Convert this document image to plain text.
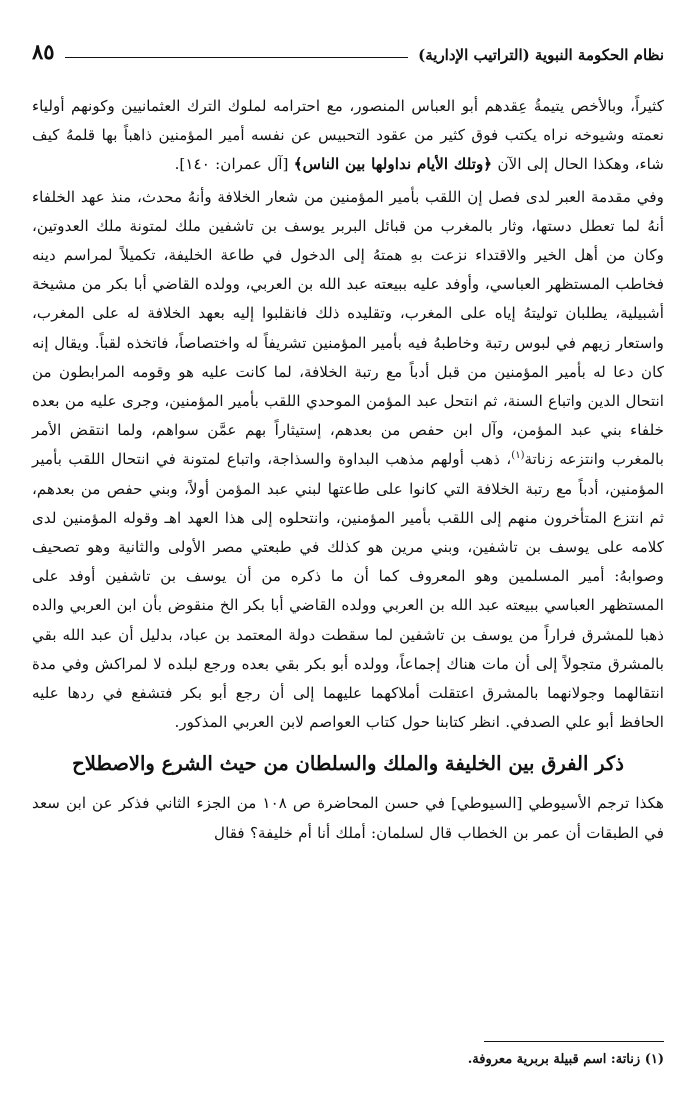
نظام الحكومة النبوية (التراتيب الإدارية)
٨٥

كثيراً، وبالأخص يتيمةُ عِقدهم أبو العباس المنصور، مع احترامه لملوك الترك العثمانيين وكونهم أولياء نعمته وشيوخه نراه يكتب فوق كثير من عقود التحبيس عن نفسه أمير المؤمنين ذاهباً بها قلمهُ كيف شاء، وهكذا الحال إلى الآن ﴿وتلك الأيام نداولها بين الناس﴾ [آل عمران: ١٤٠].

وفي مقدمة العبر لدى فصل إن اللقب بأمير المؤمنين من شعار الخلافة وأنهُ محدث، منذ عهد الخلفاء أنهُ لما تعطل دستها، وثار بالمغرب من قبائل البربر يوسف بن تاشفين ملك لمتونة ملك العدوتين، وكان من أهل الخير والاقتداء نزعت بهِ همتهُ إلى الدخول في طاعة الخليفة، تكميلاً لمراسم دينه فخاطب المستظهر العباسي، وأوفد عليه ببيعته عبد الله بن العربي، وولده القاضي أبا بكر من مشيخة أشبيلية، يطلبان توليتهُ إياه على المغرب، وتقليده ذلك فانقلبوا إليه بعهد الخلافة له على المغرب، واستعار زيهم في لبوس رتبة وخاطبهُ فيه بأمير المؤمنين تشريفاً له واختصاصاً، فاتخذه لقباً. ويقال إنه كان دعا له بأمير المؤمنين من قبل أدباً مع رتبة الخلافة، لما كانت عليه هو وقومه المرابطون من انتحال الدين واتباع السنة، ثم انتحل عبد المؤمن الموحدي اللقب بأمير المؤمنين، وجرى عليه من بعده خلفاء بني عبد المؤمن، وآل ابن حفص من بعدهم، إستيثاراً بهم عمَّن سواهم، ولما انتقض الأمر بالمغرب وانتزعه زناتة$^{(١)}$، ذهب أولهم مذهب البداوة والسذاجة، واتباع لمتونة في انتحال اللقب بأمير المؤمنين، أدباً مع رتبة الخلافة التي كانوا على طاعتها لبني عبد المؤمن أولاً، وبني حفص من بعدهم، ثم انتزع المتأخرون منهم إلى اللقب بأمير المؤمنين، وانتحلوه إلى هذا العهد اهـ وقوله المؤمنين لدى كلامه على يوسف بن تاشفين، وبني مرين هو كذلك في طبعتي مصر الأولى والثانية وهو تصحيف وصوابهُ: أمير المسلمين وهو المعروف كما أن ما ذكره من أن يوسف بن تاشفين أوفد على المستظهر العباسي ببيعته عبد الله بن العربي وولده القاضي أبا بكر الخ منقوض بأن ابن العربي والده ذهبا للمشرق فراراً من يوسف بن تاشفين لما سقطت دولة المعتمد بن عباد، بدليل أن عبد الله بقي بالمشرق متجولاً إلى أن مات هناك إجماعاً، وولده أبو بكر بقي بعده ورجع لبلده لا لمراكش وفي مدة انتقالهما وجولانهما بالمشرق اعتقلت أملاكهما عليهما إلى أن رجع أبو بكر فتشفع في ردها عليه الحافظ أبو علي الصدفي. انظر كتابنا حول كتاب العواصم لابن العربي المذكور.

ذكر الفرق بين الخليفة والملك والسلطان من حيث الشرع والاصطلاح

هكذا ترجم الأسيوطي [السيوطي] في حسن المحاضرة ص ١٠٨ من الجزء الثاني فذكر عن ابن سعد في الطبقات أن عمر بن الخطاب قال لسلمان: أملك أنا أم خليفة؟ فقال

(١) زناتة: اسم قبيلة بربرية معروفة.
